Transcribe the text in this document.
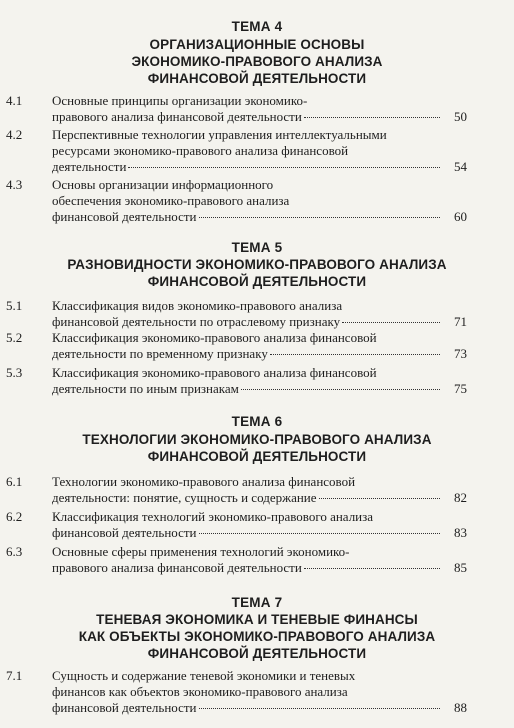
ТЕМА 4
ОРГАНИЗАЦИОННЫЕ ОСНОВЫ
ЭКОНОМИКО-ПРАВОВОГО АНАЛИЗА
ФИНАНСОВОЙ ДЕЯТЕЛЬНОСТИ
4.1 Основные принципы организации экономико-
правового анализа финансовой деятельности	50
4.2 Перспективные технологии управления интеллектуальными
ресурсами экономико-правового анализа финансовой
деятельности	54
4.3 Основы организации информационного
обеспечения экономико-правового анализа
финансовой деятельности	60
ТЕМА 5
РАЗНОВИДНОСТИ ЭКОНОМИКО-ПРАВОВОГО АНАЛИЗА
ФИНАНСОВОЙ ДЕЯТЕЛЬНОСТИ
5.1 Классификация видов экономико-правового анализа
финансовой деятельности по отраслевому признаку	71
5.2 Классификация экономико-правового анализа финансовой
деятельности по временному признаку	73
5.3 Классификация экономико-правового анализа финансовой
деятельности по иным признакам	75
ТЕМА 6
ТЕХНОЛОГИИ ЭКОНОМИКО-ПРАВОВОГО АНАЛИЗА
ФИНАНСОВОЙ ДЕЯТЕЛЬНОСТИ
6.1 Технологии экономико-правового анализа финансовой
деятельности: понятие, сущность и содержание	82
6.2 Классификация технологий экономико-правового анализа
финансовой деятельности	83
6.3 Основные сферы применения технологий экономико-
правового анализа финансовой деятельности	85
ТЕМА 7
ТЕНЕВАЯ ЭКОНОМИКА И ТЕНЕВЫЕ ФИНАНСЫ
КАК ОБЪЕКТЫ ЭКОНОМИКО-ПРАВОВОГО АНАЛИЗА
ФИНАНСОВОЙ ДЕЯТЕЛЬНОСТИ
7.1 Сущность и содержание теневой экономики и теневых
финансов как объектов экономико-правового анализа
финансовой деятельности	88
